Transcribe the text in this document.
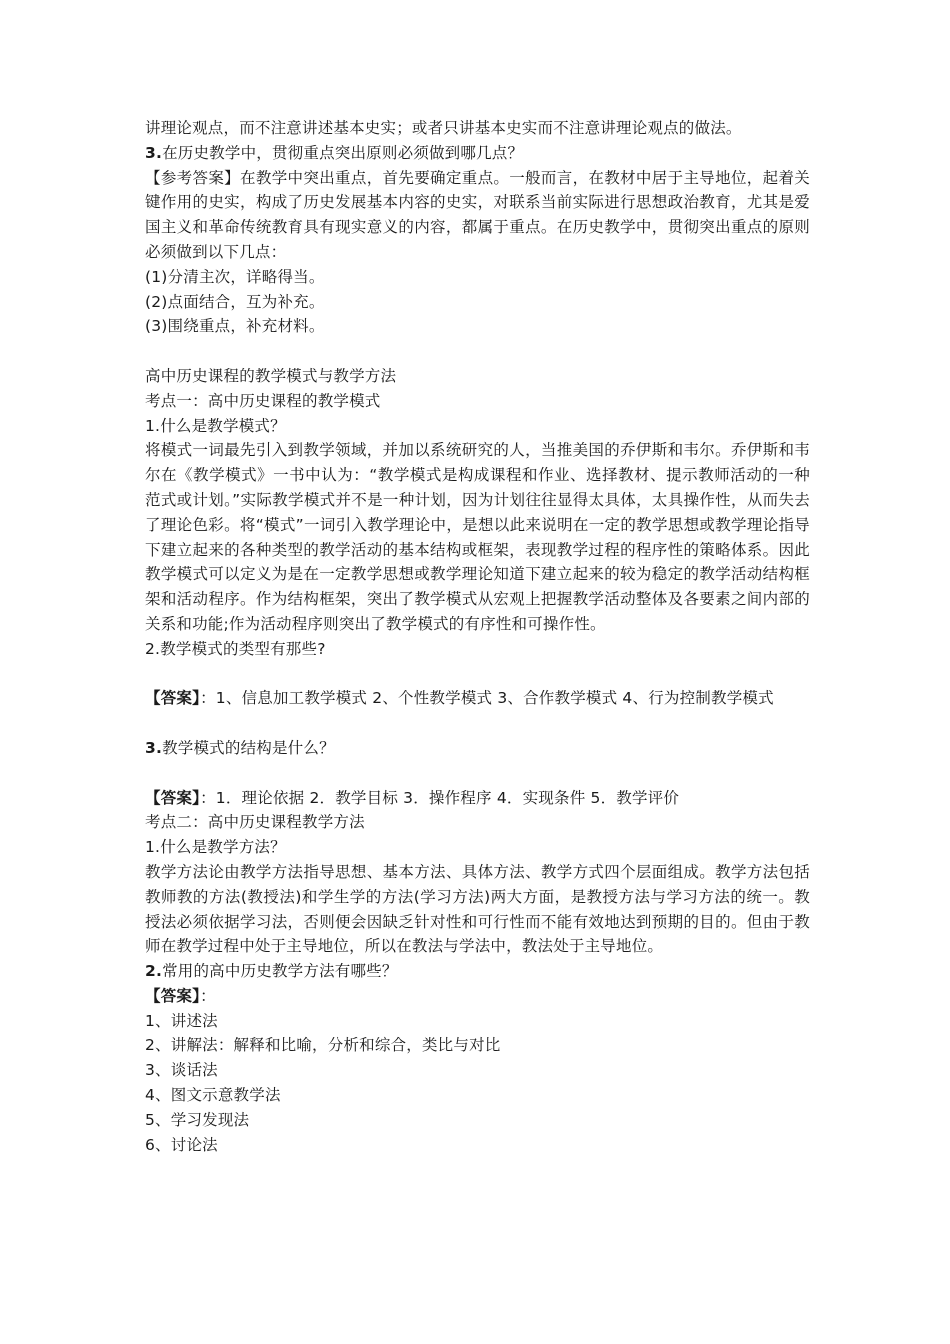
讲理论观点，而不注意讲述基本史实；或者只讲基本史实而不注意讲理论观点的做法。

3.在历史教学中，贯彻重点突出原则必须做到哪几点？

【参考答案】在教学中突出重点，首先要确定重点。一般而言，在教材中居于主导地位，起着关键作用的史实，构成了历史发展基本内容的史实，对联系当前实际进行思想政治教育，尤其是爱国主义和革命传统教育具有现实意义的内容，都属于重点。在历史教学中，贯彻突出重点的原则必须做到以下几点：

(1)分清主次，详略得当。

(2)点面结合，互为补充。

(3)围绕重点，补充材料。

高中历史课程的教学模式与教学方法

考点一：高中历史课程的教学模式

1.什么是教学模式？

将模式一词最先引入到教学领域，并加以系统研究的人，当推美国的乔伊斯和韦尔。乔伊斯和韦尔在《教学模式》一书中认为：“教学模式是构成课程和作业、选择教材、提示教师活动的一种范式或计划。”实际教学模式并不是一种计划，因为计划往往显得太具体，太具操作性，从而失去了理论色彩。将“模式”一词引入教学理论中，是想以此来说明在一定的教学思想或教学理论指导下建立起来的各种类型的教学活动的基本结构或框架，表现教学过程的程序性的策略体系。因此教学模式可以定义为是在一定教学思想或教学理论知道下建立起来的较为稳定的教学活动结构框架和活动程序。作为结构框架，突出了教学模式从宏观上把握教学活动整体及各要素之间内部的关系和功能;作为活动程序则突出了教学模式的有序性和可操作性。

2.教学模式的类型有那些?

【答案】：1、信息加工教学模式 2、个性教学模式 3、合作教学模式 4、行为控制教学模式

3.教学模式的结构是什么？

【答案】：1．理论依据 2．教学目标 3．操作程序 4．实现条件 5．教学评价

考点二：高中历史课程教学方法

1.什么是教学方法？

教学方法论由教学方法指导思想、基本方法、具体方法、教学方式四个层面组成。教学方法包括教师教的方法(教授法)和学生学的方法(学习方法)两大方面，是教授方法与学习方法的统一。教授法必须依据学习法，否则便会因缺乏针对性和可行性而不能有效地达到预期的目的。但由于教师在教学过程中处于主导地位，所以在教法与学法中，教法处于主导地位。

2.常用的高中历史教学方法有哪些？

【答案】：

1、讲述法

2、讲解法：解释和比喻，分析和综合，类比与对比

3、谈话法

4、图文示意教学法

5、学习发现法

6、讨论法
